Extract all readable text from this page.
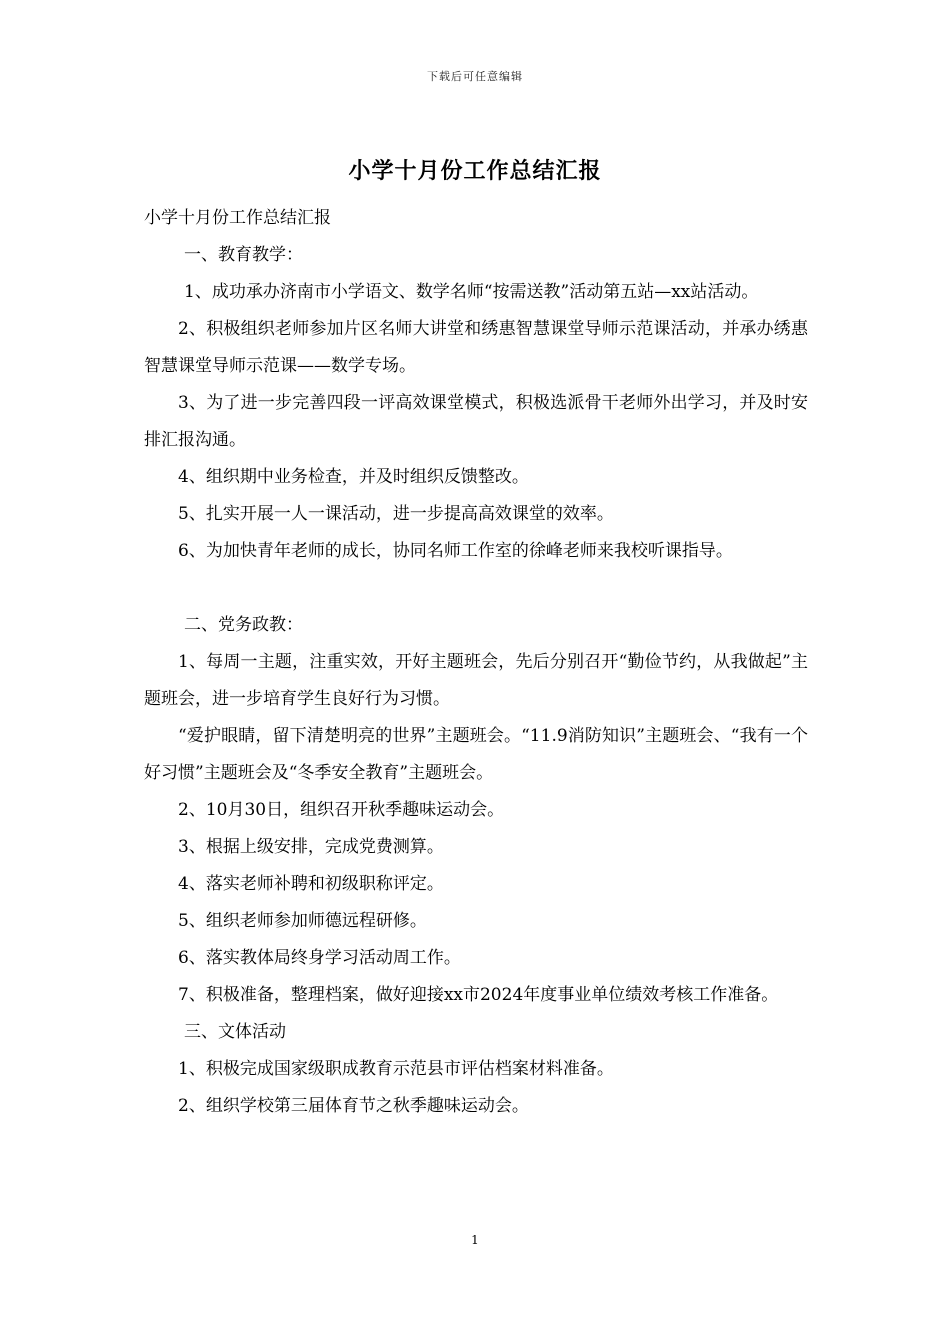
下载后可任意编辑
小学十月份工作总结汇报

小学十月份工作总结汇报

一、教育教学：

1、成功承办济南市小学语文、数学名师“按需送教”活动第五站—xx站活动。

2、积极组织老师参加片区名师大讲堂和绣惠智慧课堂导师示范课活动，并承办绣惠智慧课堂导师示范课——数学专场。

3、为了进一步完善四段一评高效课堂模式，积极选派骨干老师外出学习，并及时安排汇报沟通。

4、组织期中业务检查，并及时组织反馈整改。

5、扎实开展一人一课活动，进一步提高高效课堂的效率。

6、为加快青年老师的成长，协同名师工作室的徐峰老师来我校听课指导。

二、党务政教：

1、每周一主题，注重实效，开好主题班会，先后分别召开“勤俭节约，从我做起”主题班会，进一步培育学生良好行为习惯。

“爱护眼睛，留下清楚明亮的世界”主题班会。“11.9消防知识”主题班会、“我有一个好习惯”主题班会及“冬季安全教育”主题班会。

2、10月30日，组织召开秋季趣味运动会。

3、根据上级安排，完成党费测算。

4、落实老师补聘和初级职称评定。

5、组织老师参加师德远程研修。

6、落实教体局终身学习活动周工作。

7、积极准备，整理档案，做好迎接xx市2024年度事业单位绩效考核工作准备。

三、文体活动

1、积极完成国家级职成教育示范县市评估档案材料准备。

2、组织学校第三届体育节之秋季趣味运动会。

1
